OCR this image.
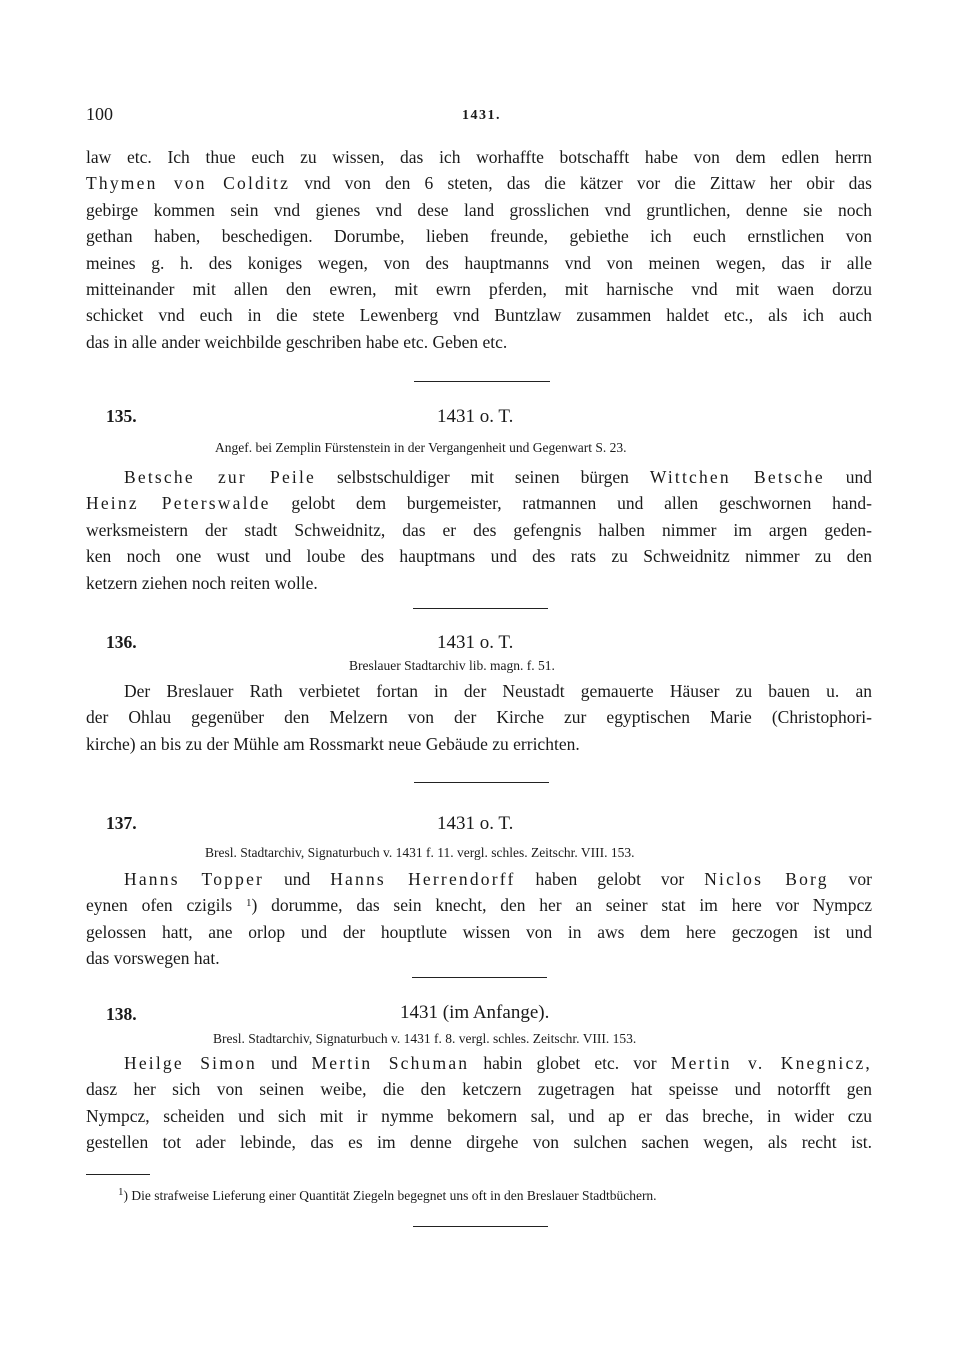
100	1431.

law etc. Ich thue euch zu wissen, das ich worhaffte botschafft habe von dem edlen herrn
Thymen von Colditz vnd von den 6 steten, das die kätzer vor die Zittaw her obir das
gebirge kommen sein vnd gienes vnd dese land grosslichen vnd gruntlichen, denne sie noch
gethan haben, beschedigen. Dorumbe, lieben freunde, gebiethe ich euch ernstlichen von
meines g. h. des koniges wegen, von des hauptmanns vnd von meinen wegen, das ir alle
mitteinander mit allen den ewren, mit ewrn pferden, mit harnische vnd mit waen dorzu
schicket vnd euch in die stete Lewenberg vnd Buntzlaw zusammen haldet etc., als ich auch
das in alle ander weichbilde geschriben habe etc. Geben etc.

135.	1431 o. T.
Angef. bei Zemplin Fürstenstein in der Vergangenheit und Gegenwart S. 23.

Betsche zur Peile selbstschuldiger mit seinen bürgen Wittchen Betsche und
Heinz Peterswalde gelobt dem burgemeister, ratmannen und allen geschwornen hand-
werksmeistern der stadt Schweidnitz, das er des gefengnis halben nimmer im argen geden-
ken noch one wust und loube des hauptmans und des rats zu Schweidnitz nimmer zu den
ketzern ziehen noch reiten wolle.

136.	1431 o. T.
Breslauer Stadtarchiv lib. magn. f. 51.

Der Breslauer Rath verbietet fortan in der Neustadt gemauerte Häuser zu bauen u. an
der Ohlau gegenüber den Melzern von der Kirche zur egyptischen Marie (Christophori-
kirche) an bis zu der Mühle am Rossmarkt neue Gebäude zu errichten.

137.	1431 o. T.
Bresl. Stadtarchiv, Signaturbuch v. 1431 f. 11. vergl. schles. Zeitschr. VIII. 153.

Hanns Topper und Hanns Herrendorff haben gelobt vor Niclos Borg vor
eynen ofen czigils $^1$) dorumme, das sein knecht, den her an seiner stat im here vor Nympcz
gelossen hatt, ane orlop und der houptlute wissen von in aws dem here geczogen ist und
das vorswegen hat.

138.	1431 (im Anfange).
Bresl. Stadtarchiv, Signaturbuch v. 1431 f. 8. vergl. schles. Zeitschr. VIII. 153.

Heilge Simon und Mertin Schuman habin globet etc. vor Mertin v. Knegnicz,
dasz her sich von seinen weibe, die den ketczern zugetragen hat speisse und notorfft gen
Nympcz, scheiden und sich mit ir nymme bekomern sal, und ap er das breche, in wider czu
gestellen tot ader lebinde, das es im denne dirgehe von sulchen sachen wegen, als recht ist.

$^1$) Die strafweise Lieferung einer Quantität Ziegeln begegnet uns oft in den Breslauer Stadtbüchern.
